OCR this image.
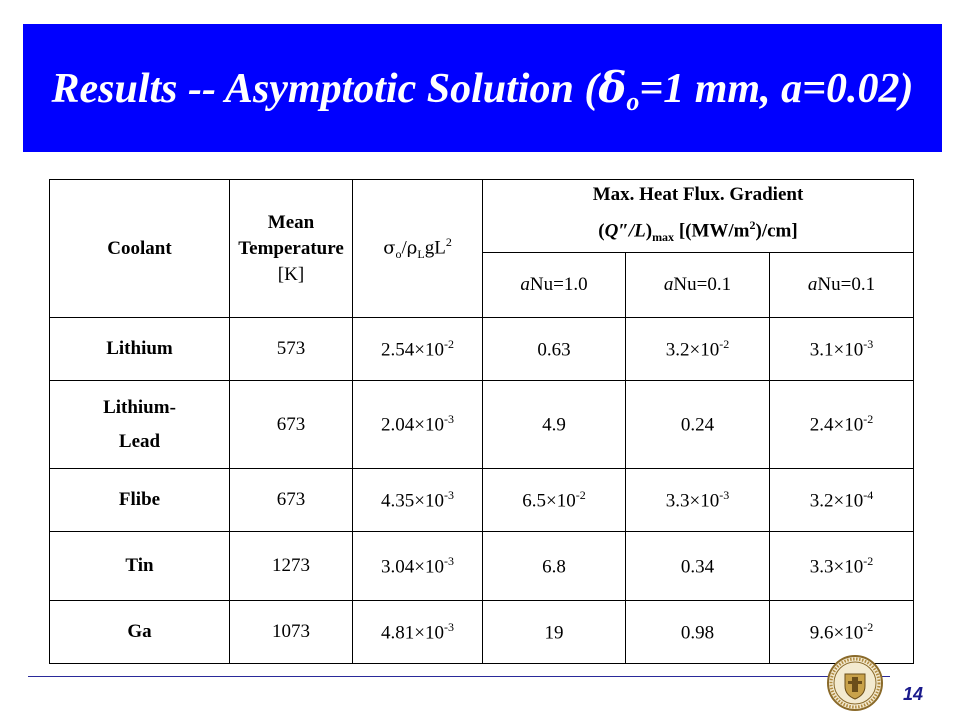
Results -- Asymptotic Solution ($\delta_o=1$ mm, a=0.02)
Coolant	Mean
Temperature
[K]	$\sigma_o/\rho_LgL^2$	Max. Heat Flux. Gradient
$(Q''/L)_{max}$ $[(MW/m^2)/cm]$		
			aNu=1.0	aNu=0.1	aNu=0.1
Lithium	573	$2.54\times 10^{-2}$	0.63	$3.2\times 10^{-2}$	$3.1\times 10^{-3}$
Lithium-
Lead	673	$2.04\times 10^{-3}$	4.9	0.24	$2.4\times 10^{-2}$
Flibe	673	$4.35\times 10^{-3}$	$6.5\times 10^{-2}$	$3.3\times 10^{-3}$	$3.2\times 10^{-4}$
Tin	1273	$3.04\times 10^{-3}$	6.8	0.34	$3.3\times 10^{-2}$
Ga	1073	$4.81\times 10^{-3}$	19	0.98	$9.6\times 10^{-2}$
14
